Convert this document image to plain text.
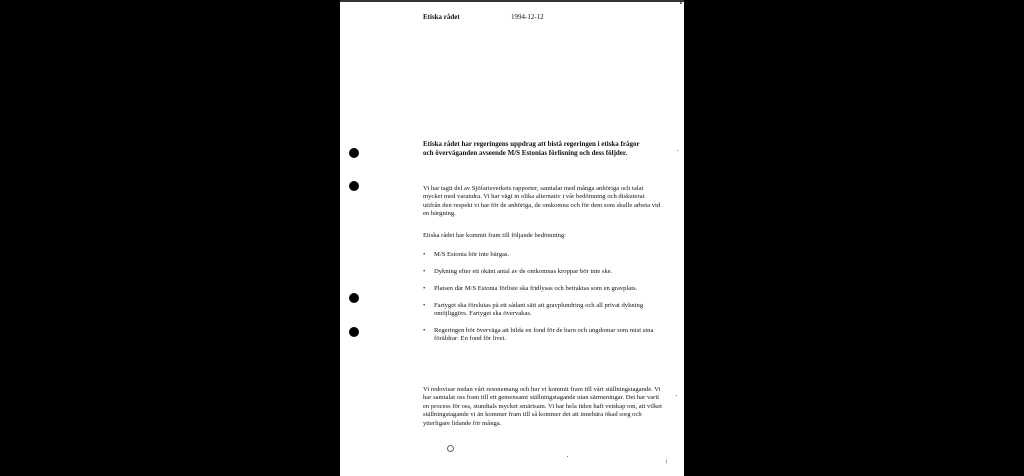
Etiska rådet	1994-12-12
Etiska rådet har regeringens uppdrag att bistå regeringen i etiska frågor och överväganden avseende M/S Estonias förlisning och dess följder.
Vi har tagit del av Sjöfartsverkets rapporter, samtalat med många anhöriga och talat mycket med varandra. Vi har vägt in olika alternativ i vår bedömning och diskuterat utifrån den respekt vi har för de anhöriga, de omkomna och för dem som skulle arbeta vid en bärgning.
Etiska rådet har kommit fram till följande bedömning:
• M/S Estonia bör inte bärgas.
• Dykning efter ett okänt antal av de omkomnas kroppar bör inte ske.
• Platsen där M/S Estonia förliste ska fridlysas och betraktas som en gravplats.
• Fartyget ska förslutas på ett sådant sätt att gravplundring och all privat dykning omöjliggörs. Fartyget ska övervakas.
• Regeringen bör överväga att bilda en fond för de barn och ungdomar som mist sina föräldrar: En fond för livet.
Vi redovisar nedan vårt resonemang och hur vi kommit fram till vårt ställningstagande. Vi har samtalat oss fram till ett gemensamt ställningstagande utan särmeningar. Det har varit en process för oss, stundtals mycket smärtsam. Vi har hela tiden haft vetskap om, att vilket ställningstagande vi än kommer fram till så kommer det att innebära ökad sorg och ytterligare lidande för många.
1
